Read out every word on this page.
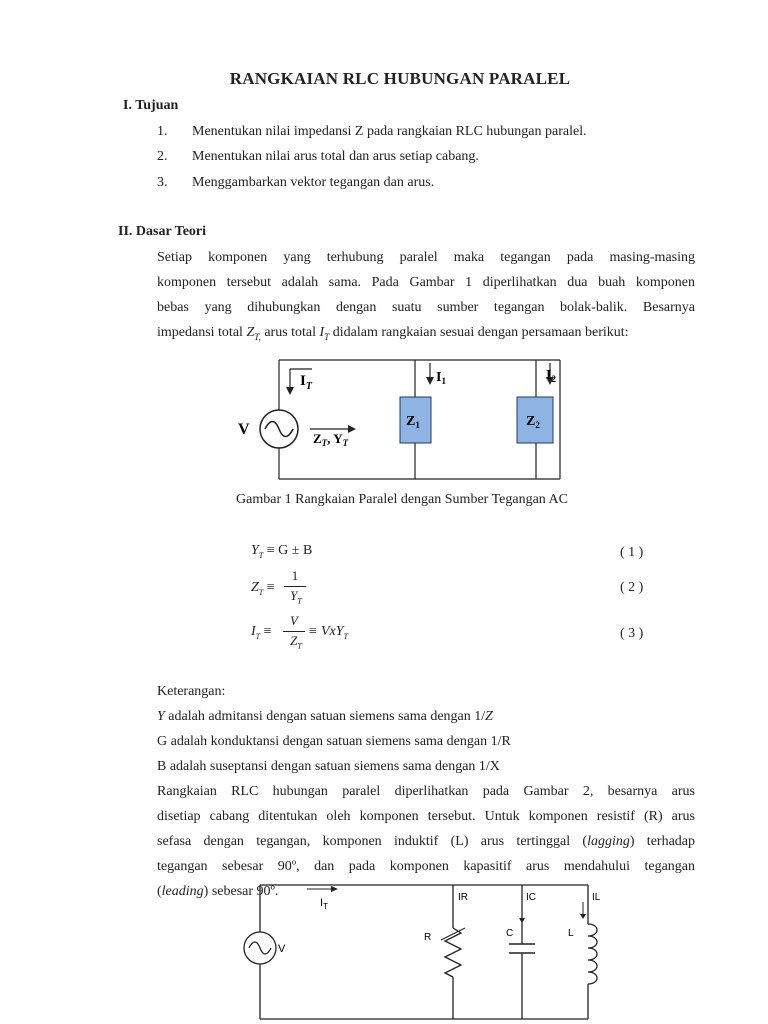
RANGKAIAN RLC HUBUNGAN PARALEL
I. Tujuan
1. Menentukan nilai impedansi Z pada rangkaian RLC hubungan paralel.
2. Menentukan nilai arus total dan arus setiap cabang.
3. Menggambarkan vektor tegangan dan arus.
II. Dasar Teori
Setiap komponen yang terhubung paralel maka tegangan pada masing-masing
komponen tersebut adalah sama. Pada Gambar 1 diperlihatkan dua buah komponen
bebas yang dihubungkan dengan suatu sumber tegangan bolak-balik. Besarnya
impedansi total $Z_{T,}$ arus total $I_T$ didalam rangkaian sesuai dengan persamaan berikut:
V
$I_T$
$Z_T$, $Y_T$
$I_1$	$I_2$
$Z_1$	$Z_2$
Gambar 1 Rangkaian Paralel dengan Sumber Tegangan AC
$Y_T \equiv G \pm B$	( 1 )
$Z_T$ ≡
1
$Y_T$
( 2 )
$I_T$ ≡
V
$Z_T$
≡ VxY$_T$	( 3 )
Keterangan:
Y adalah admitansi dengan satuan siemens sama dengan 1/Z
G adalah konduktansi dengan satuan siemens sama dengan 1/R
B adalah suseptansi dengan satuan siemens sama dengan 1/X
Rangkaian RLC hubungan paralel diperlihatkan pada Gambar 2, besarnya arus
disetiap cabang ditentukan oleh komponen tersebut. Untuk komponen resistif (R) arus
sefasa dengan tegangan, komponen induktif (L) arus tertinggal (lagging) terhadap
tegangan sebesar 90º, dan pada komponen kapasitif arus mendahului tegangan
(leading) sebesar 90º.
$I_T$
V
IR
R
IC
C
IL
L
